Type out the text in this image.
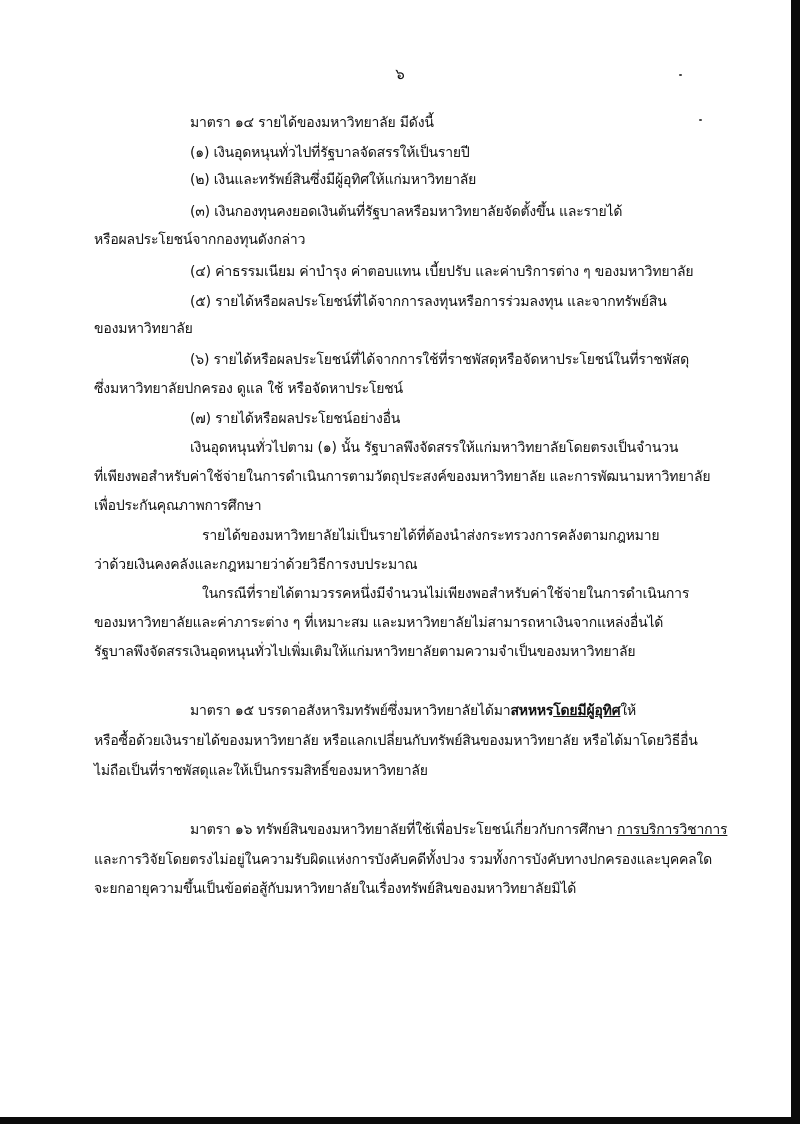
๖
มาตรา ๑๔ รายได้ของมหาวิทยาลัย มีดังนี้
(๑) เงินอุดหนุนทั่วไปที่รัฐบาลจัดสรรให้เป็นรายปี
(๒) เงินและทรัพย์สินซึ่งมีผู้อุทิศให้แก่มหาวิทยาลัย
(๓) เงินกองทุนคงยอดเงินต้นที่รัฐบาลหรือมหาวิทยาลัยจัดตั้งขึ้น และรายได้
หรือผลประโยชน์จากกองทุนดังกล่าว
(๔) ค่าธรรมเนียม ค่าบำรุง ค่าตอบแทน เบี้ยปรับ และค่าบริการต่าง ๆ ของมหาวิทยาลัย
(๕) รายได้หรือผลประโยชน์ที่ได้จากการลงทุนหรือการร่วมลงทุน และจากทรัพย์สิน
ของมหาวิทยาลัย
(๖) รายได้หรือผลประโยชน์ที่ได้จากการใช้ที่ราชพัสดุหรือจัดหาประโยชน์ในที่ราชพัสดุ
ซึ่งมหาวิทยาลัยปกครอง ดูแล ใช้ หรือจัดหาประโยชน์
(๗) รายได้หรือผลประโยชน์อย่างอื่น
เงินอุดหนุนทั่วไปตาม (๑) นั้น รัฐบาลพึงจัดสรรให้แก่มหาวิทยาลัยโดยตรงเป็นจำนวน
ที่เพียงพอสำหรับค่าใช้จ่ายในการดำเนินการตามวัตถุประสงค์ของมหาวิทยาลัย และการพัฒนามหาวิทยาลัย
เพื่อประกันคุณภาพการศึกษา
รายได้ของมหาวิทยาลัยไม่เป็นรายได้ที่ต้องนำส่งกระทรวงการคลังตามกฎหมาย
ว่าด้วยเงินคงคลังและกฎหมายว่าด้วยวิธีการงบประมาณ
ในกรณีที่รายได้ตามวรรคหนึ่งมีจำนวนไม่เพียงพอสำหรับค่าใช้จ่ายในการดำเนินการ
ของมหาวิทยาลัยและค่าภาระต่าง ๆ ที่เหมาะสม และมหาวิทยาลัยไม่สามารถหาเงินจากแหล่งอื่นได้
รัฐบาลพึงจัดสรรเงินอุดหนุนทั่วไปเพิ่มเติมให้แก่มหาวิทยาลัยตามความจำเป็นของมหาวิทยาลัย
มาตรา ๑๕ บรรดาอสังหาริมทรัพย์ซึ่งมหาวิทยาลัยได้มาสหหหรโดยมีผู้อุทิศให้
หรือซื้อด้วยเงินรายได้ของมหาวิทยาลัย หรือแลกเปลี่ยนกับทรัพย์สินของมหาวิทยาลัย หรือได้มาโดยวิธีอื่น
ไม่ถือเป็นที่ราชพัสดุและให้เป็นกรรมสิทธิ์ของมหาวิทยาลัย
มาตรา ๑๖ ทรัพย์สินของมหาวิทยาลัยที่ใช้เพื่อประโยชน์เกี่ยวกับการศึกษา การบริการวิชาการ
และการวิจัยโดยตรงไม่อยู่ในความรับผิดแห่งการบังคับคดีทั้งปวง รวมทั้งการบังคับทางปกครองและบุคคลใด
จะยกอายุความขึ้นเป็นข้อต่อสู้กับมหาวิทยาลัยในเรื่องทรัพย์สินของมหาวิทยาลัยมิได้
